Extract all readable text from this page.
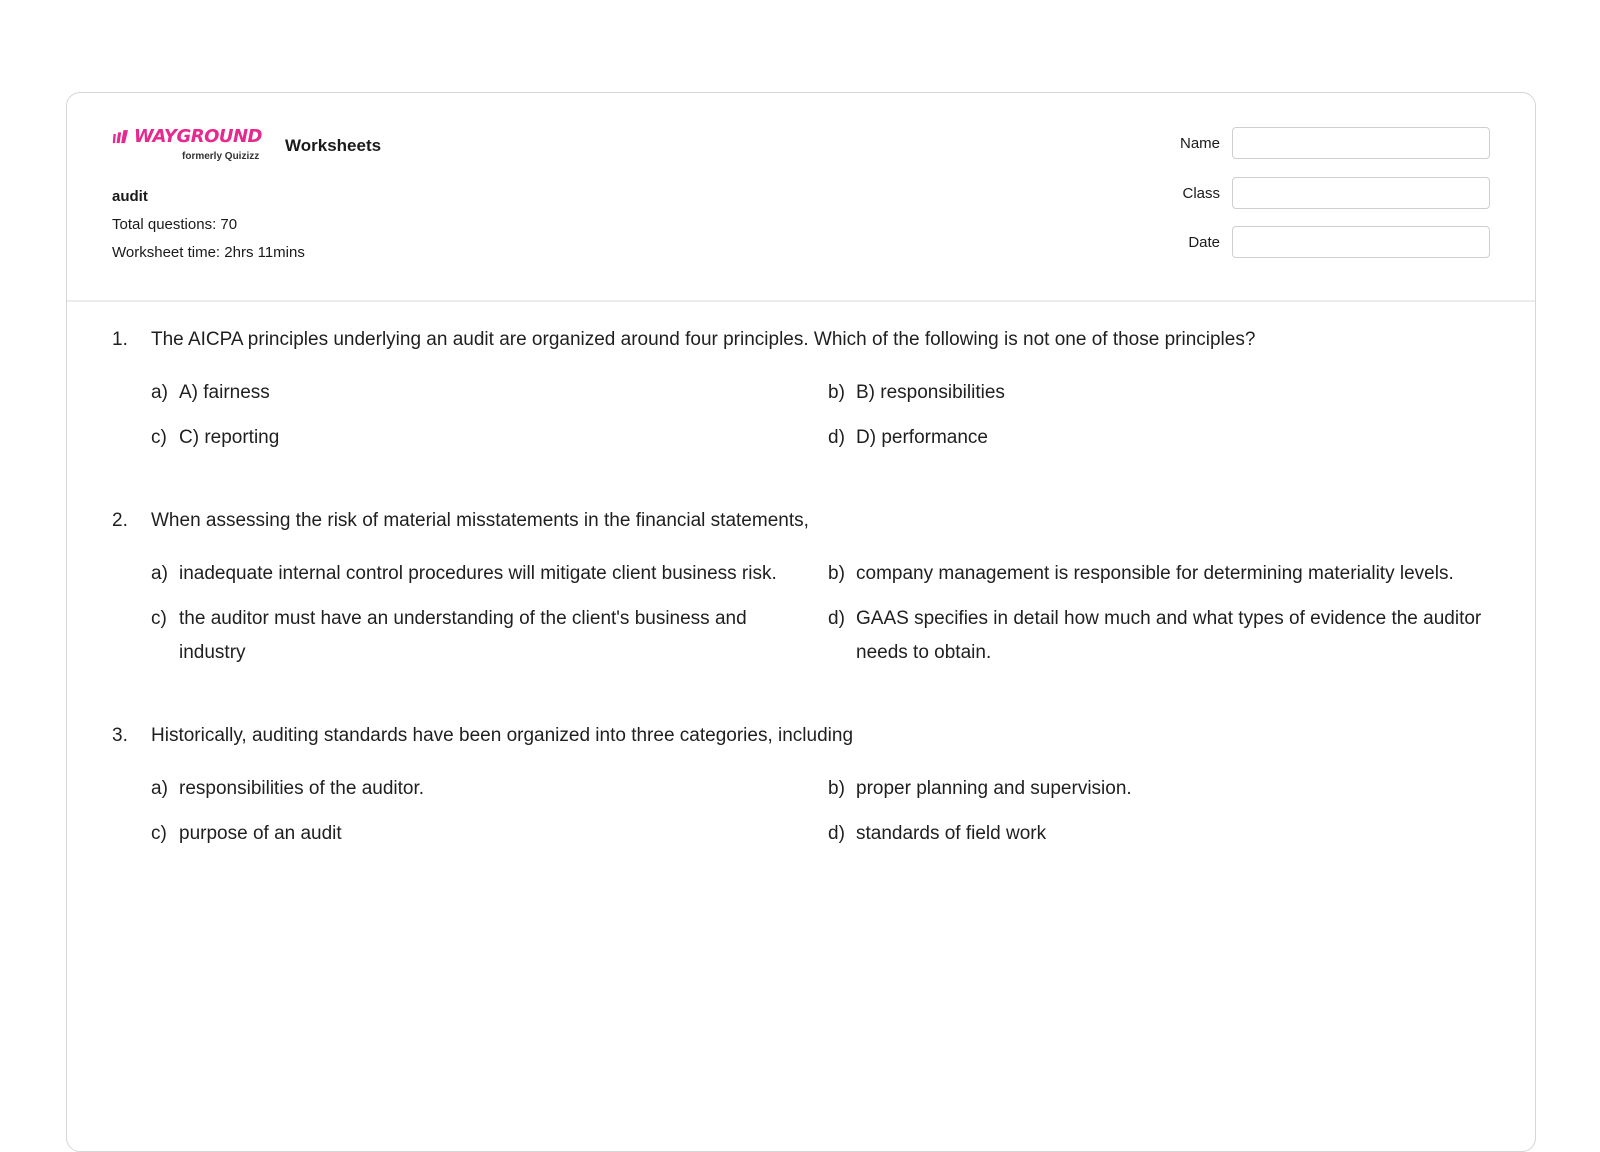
WAYGROUND
formerly Quizizz
Worksheets
audit
Total questions: 70
Worksheet time: 2hrs 11mins
Name
Class
Date
1.	The AICPA principles underlying an audit are organized around four principles. Which of the following is not one of those principles?
a) A) fairness	b) B) responsibilities
c) C) reporting	d) D) performance
2.	When assessing the risk of material misstatements in the financial statements,
a) inadequate internal control procedures will mitigate client business risk.	b) company management is responsible for determining materiality levels.
c) the auditor must have an understanding of the client's business and industry
d) GAAS specifies in detail how much and what types of evidence the auditor needs to obtain.
3.	Historically, auditing standards have been organized into three categories, including
a) responsibilities of the auditor.	b) proper planning and supervision.
c) purpose of an audit	d) standards of field work
